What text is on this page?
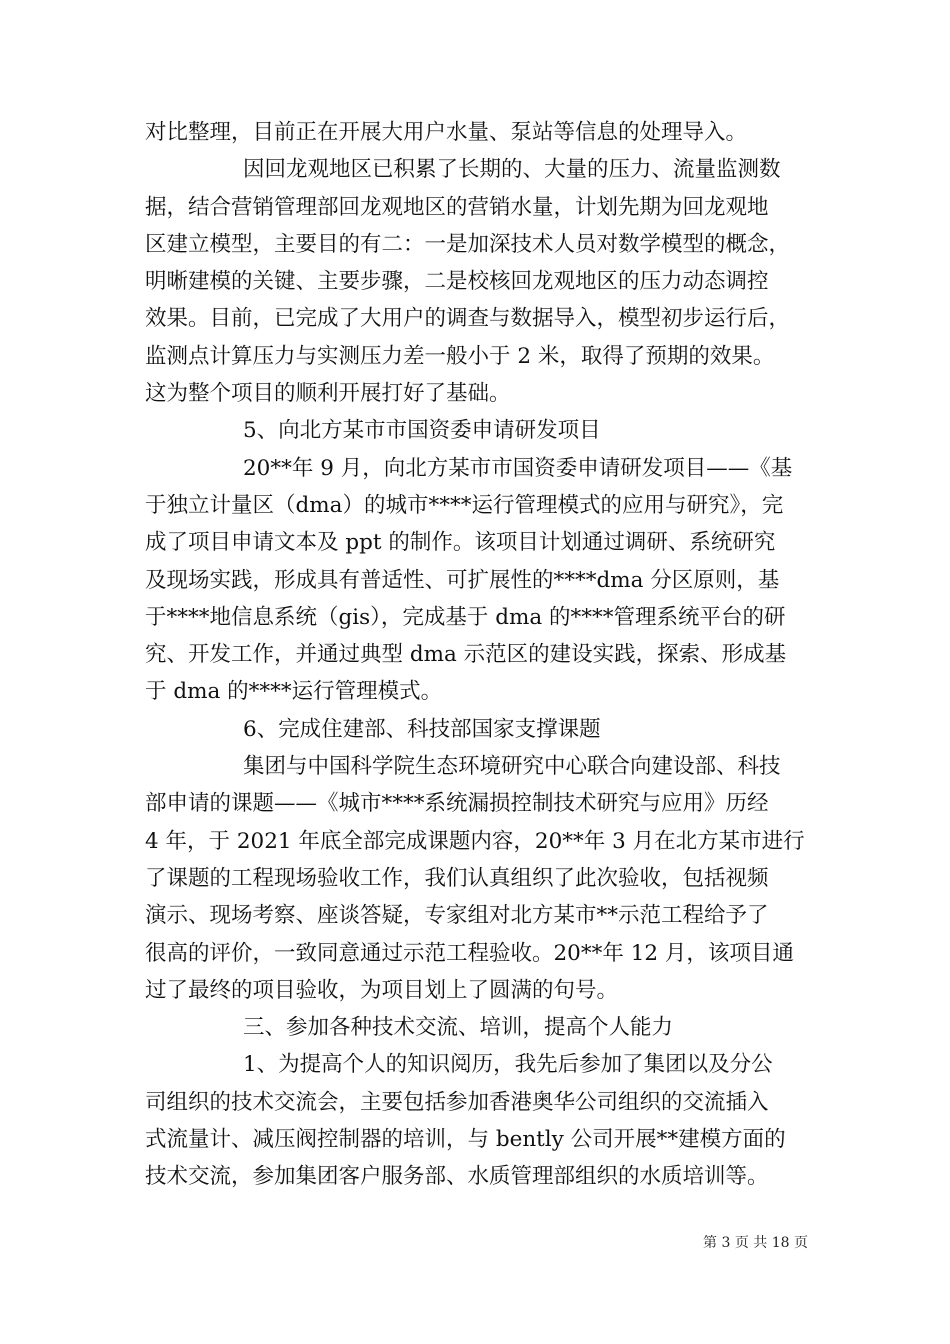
对比整理，目前正在开展大用户水量、泵站等信息的处理导入。

因回龙观地区已积累了长期的、大量的压力、流量监测数
据，结合营销管理部回龙观地区的营销水量，计划先期为回龙观地
区建立模型，主要目的有二：一是加深技术人员对数学模型的概念，
明晰建模的关键、主要步骤，二是校核回龙观地区的压力动态调控
效果。目前，已完成了大用户的调查与数据导入，模型初步运行后，
监测点计算压力与实测压力差一般小于 2 米，取得了预期的效果。
这为整个项目的顺利开展打好了基础。

5、向北方某市市国资委申请研发项目

20**年 9 月，向北方某市市国资委申请研发项目——《基
于独立计量区（dma）的城市****运行管理模式的应用与研究》，完
成了项目申请文本及 ppt 的制作。该项目计划通过调研、系统研究
及现场实践，形成具有普适性、可扩展性的****dma 分区原则，基
于****地信息系统（gis），完成基于 dma 的****管理系统平台的研
究、开发工作，并通过典型 dma 示范区的建设实践，探索、形成基
于 dma 的****运行管理模式。

6、完成住建部、科技部国家支撑课题

集团与中国科学院生态环境研究中心联合向建设部、科技
部申请的课题——《城市****系统漏损控制技术研究与应用》历经
4 年，于 2021 年底全部完成课题内容，20**年 3 月在北方某市进行
了课题的工程现场验收工作，我们认真组织了此次验收，包括视频
演示、现场考察、座谈答疑，专家组对北方某市**示范工程给予了
很高的评价，一致同意通过示范工程验收。20**年 12 月，该项目通
过了最终的项目验收，为项目划上了圆满的句号。

三、参加各种技术交流、培训，提高个人能力

1、为提高个人的知识阅历，我先后参加了集团以及分公
司组织的技术交流会，主要包括参加香港奥华公司组织的交流插入
式流量计、减压阀控制器的培训，与 bently 公司开展**建模方面的
技术交流，参加集团客户服务部、水质管理部组织的水质培训等。

第 3 页 共 18 页
